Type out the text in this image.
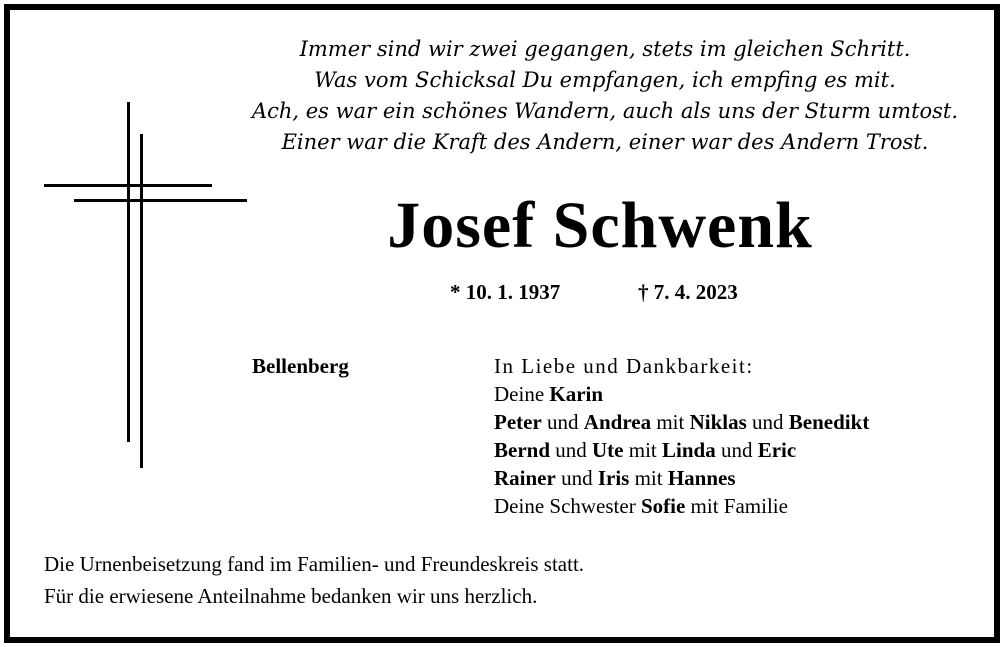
Immer sind wir zwei gegangen, stets im gleichen Schritt.
Was vom Schicksal Du empfangen, ich empfing es mit.
Ach, es war ein schönes Wandern, auch als uns der Sturm umtost.
Einer war die Kraft des Andern, einer war des Andern Trost.
Josef Schwenk
* 10. 1. 1937	† 7. 4. 2023
Bellenberg	In Liebe und Dankbarkeit:
Deine Karin
Peter und Andrea mit Niklas und Benedikt
Bernd und Ute mit Linda und Eric
Rainer und Iris mit Hannes
Deine Schwester Sofie mit Familie
Die Urnenbeisetzung fand im Familien- und Freundeskreis statt.
Für die erwiesene Anteilnahme bedanken wir uns herzlich.
